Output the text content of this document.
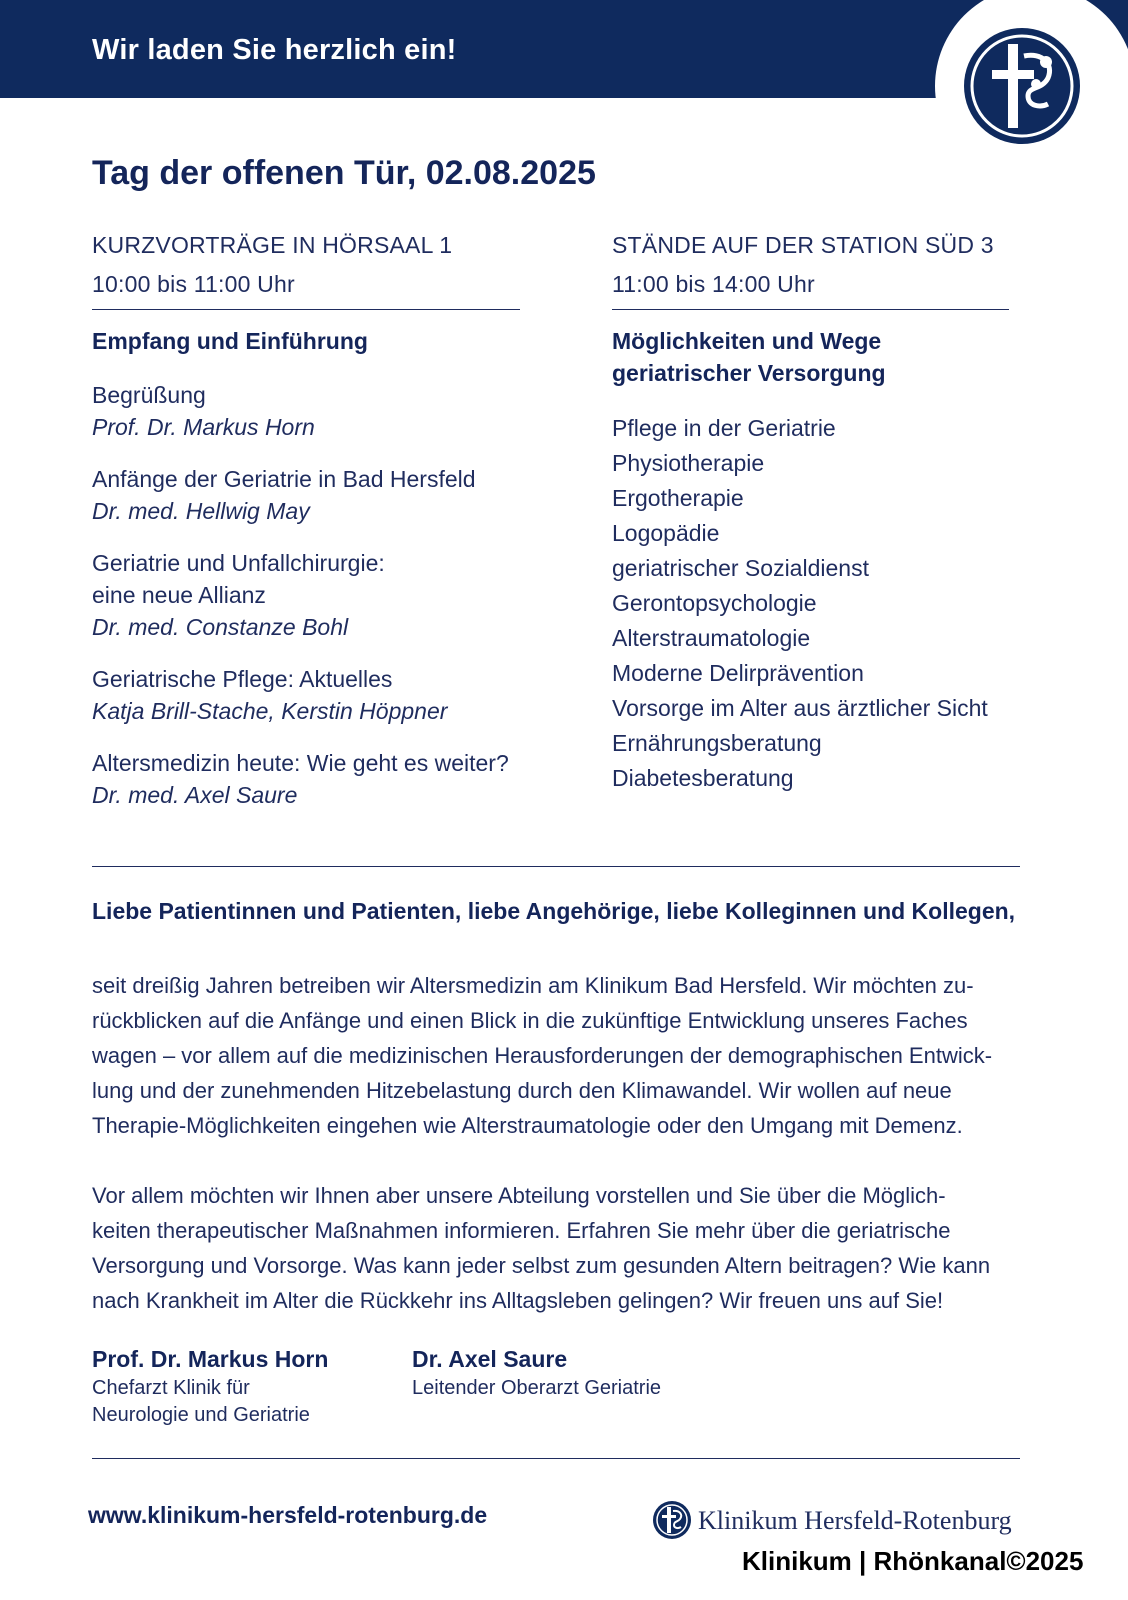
Wir laden Sie herzlich ein!
Tag der offenen Tür, 02.08.2025
KURZVORTRÄGE IN HÖRSAAL 1
10:00 bis 11:00 Uhr
Empfang und Einführung
Begrüßung
Prof. Dr. Markus Horn
Anfänge der Geriatrie in Bad Hersfeld
Dr. med. Hellwig May
Geriatrie und Unfallchirurgie:
eine neue Allianz
Dr. med. Constanze Bohl
Geriatrische Pflege: Aktuelles
Katja Brill-Stache, Kerstin Höppner
Altersmedizin heute: Wie geht es weiter?
Dr. med. Axel Saure
STÄNDE AUF DER STATION SÜD 3
11:00 bis 14:00 Uhr
Möglichkeiten und Wege
geriatrischer Versorgung
Pflege in der Geriatrie
Physiotherapie
Ergotherapie
Logopädie
geriatrischer Sozialdienst
Gerontopsychologie
Alterstraumatologie
Moderne Delirprävention
Vorsorge im Alter aus ärztlicher Sicht
Ernährungsberatung
Diabetesberatung
Liebe Patientinnen und Patienten, liebe Angehörige, liebe Kolleginnen und Kollegen,
seit dreißig Jahren betreiben wir Altersmedizin am Klinikum Bad Hersfeld. Wir möchten zu-
rückblicken auf die Anfänge und einen Blick in die zukünftige Entwicklung unseres Faches
wagen – vor allem auf die medizinischen Herausforderungen der demographischen Entwick-
lung und der zunehmenden Hitzebelastung durch den Klimawandel. Wir wollen auf neue
Therapie-Möglichkeiten eingehen wie Alterstraumatologie oder den Umgang mit Demenz.
Vor allem möchten wir Ihnen aber unsere Abteilung vorstellen und Sie über die Möglich-
keiten therapeutischer Maßnahmen informieren. Erfahren Sie mehr über die geriatrische
Versorgung und Vorsorge. Was kann jeder selbst zum gesunden Altern beitragen? Wie kann
nach Krankheit im Alter die Rückkehr ins Alltagsleben gelingen? Wir freuen uns auf Sie!
Prof. Dr. Markus Horn
Chefarzt Klinik für
Neurologie und Geriatrie
Dr. Axel Saure
Leitender Oberarzt Geriatrie
www.klinikum-hersfeld-rotenburg.de	Klinikum Hersfeld-Rotenburg
Klinikum | Rhönkanal©2025
